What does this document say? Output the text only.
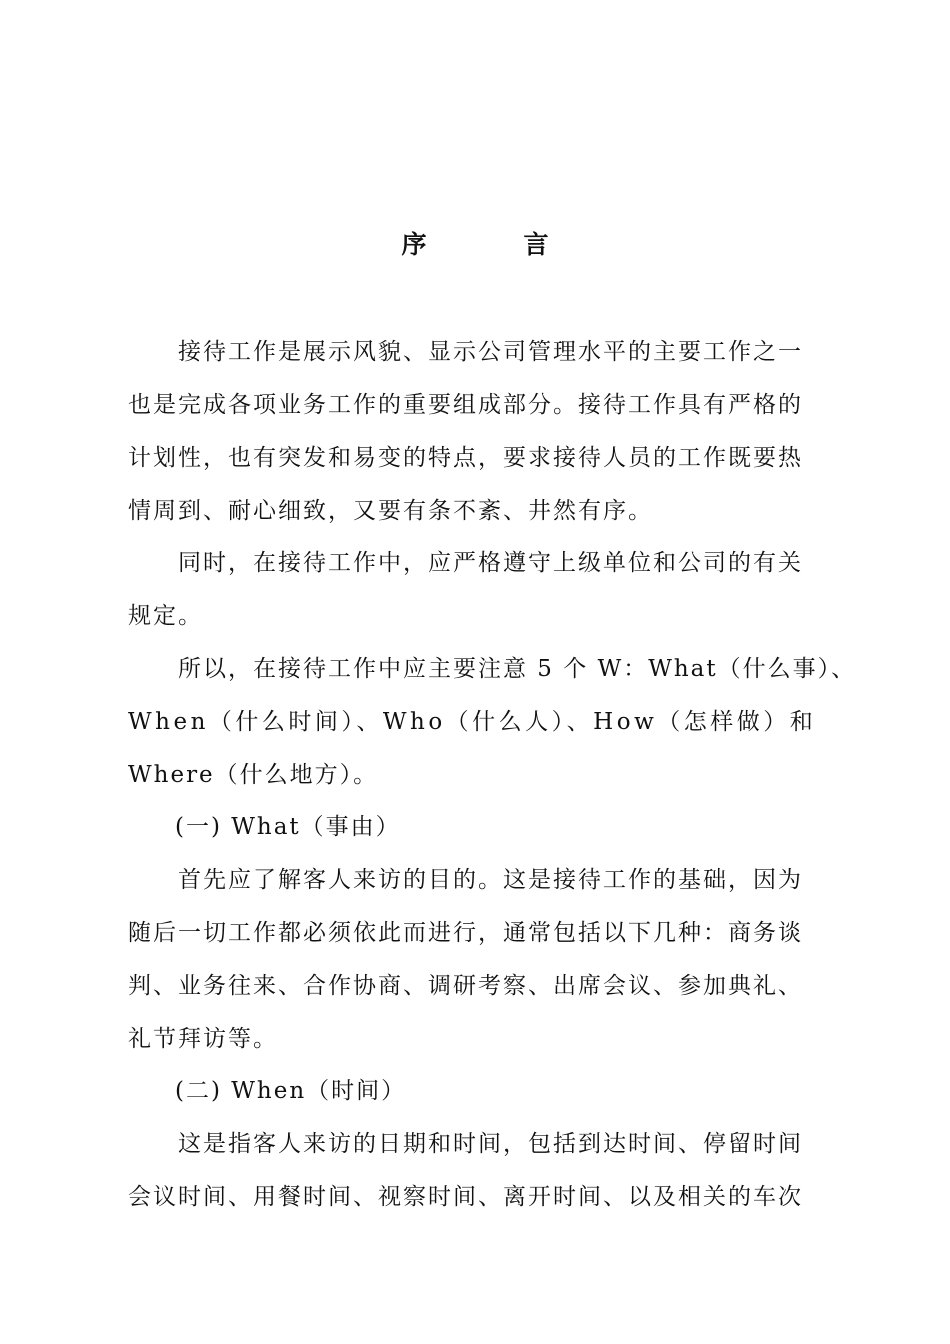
序　言
接待工作是展示风貌、显示公司管理水平的主要工作之一
也是完成各项业务工作的重要组成部分。接待工作具有严格的
计划性，也有突发和易变的特点，要求接待人员的工作既要热
情周到、耐心细致，又要有条不紊、井然有序。
同时，在接待工作中，应严格遵守上级单位和公司的有关
规定。
所以，在接待工作中应主要注意 5 个 W：What（什么事）、
When（什么时间）、Who（什么人）、How（怎样做）和
Where（什么地方）。
(一) What（事由）
首先应了解客人来访的目的。这是接待工作的基础，因为
随后一切工作都必须依此而进行，通常包括以下几种：商务谈
判、业务往来、合作协商、调研考察、出席会议、参加典礼、
礼节拜访等。
(二) When（时间）
这是指客人来访的日期和时间，包括到达时间、停留时间
会议时间、用餐时间、视察时间、离开时间、以及相关的车次
